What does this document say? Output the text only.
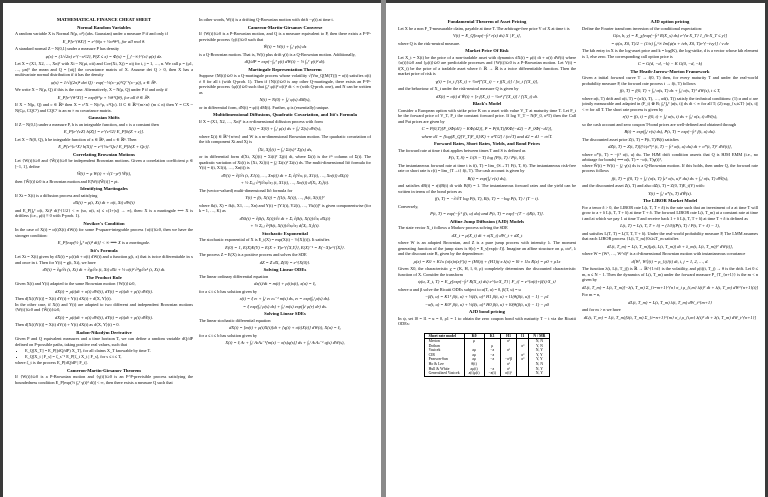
MATHEMATICAL FINANCE CHEAT SHEET
Normal Random Variables

A random variable X is Normal N(μ, σ²) (abs. Gaussian) under a measure P if and only if

E_P[e^{θX}] = e^{θμ + ½σ²θ²}, for all real θ.

A standard normal Z ~ N(0,1) under a measure P has density

φ(x) = (1/√2π) e^{−x²/2}, P(Z ≤ x) = Φ(x) = ∫_{−∞}^{x} φ(z) dz.

Let X = (X1, X2, …, Xn)ᵀ with Xi ~ N(μi, σii) and Cov(Xi, Xj) = σij for i, j = 1, …, n. We call μ = (μ1, …, μn)ᵀ the mean and Q = [σij] the covariance matrix of X. Assume det Q > 0, then X has a multivariate normal distribution if it has the density

φ(x) = 1/√((2π)ⁿ det Q) · exp(−½(x−μ)ᵀQ⁻¹(x−μ)), x ∈ ℝⁿ.

We write X ~ N(μ, Q) if this is the case. Alternatively, X ~ N(μ, Q) under P if and only if

E_P[e^{θᵀX}] = exp(θᵀμ + ½θᵀQθ), for all θ ∈ ℝⁿ.

If X ~ N(μ, Q) and c ∈ ℝⁿ then X = cᵀX ~ N(cᵀμ, cᵀQc). If C ∈ ℝ^{m×n} (m ≤ n) then Y = CX ~ N(Cμ, CQCᵀ) and CQCᵀ is an m × m covariance matrix.

Gaussian Shifts

If Z ~ N(0,1) under a measure P, h is an integrable function, and c is a constant then

E_P[e^{cZ} h(Z)] = e^{c²/2} E_P[h(Z + c)].

Let X ~ N(0, Q), h be integrable function of x ∈ ℝⁿ, and c ∈ ℝⁿ. Then

E_P[e^{cᵀX} h(X)] = e^{½cᵀQc} E_P[h(X + Qc)].
Correlating Brownian Motions

Let {W(t)}t≥0 and {W̃(t)}t≥0 be independent Brownian motions. Given a correlation coefficient ρ ∈ [−1, 1], define

Ŵ(t) = ρ W(t) + √(1−ρ²) W̃(t),

then {Ŵ(t)}t≥0 is a Brownian motion and E[W(t)Ŵ(t)] = ρt.

Identifying Martingales

If Xt = X(t) is a diffusion process and satisfying

dX(t) = μ(t, Xt) dt + σ(t, Xt) dW(t)

and E_P[∫₀ᵀ σ(t, Xt)² dt]^{1/2} < ∞ (so, σ(t, x) ≤ c(1+|x|) → ∞), then: X is a martingale ⟺ X is driftless (i.e., μ(t) ≡ 0 with P-prob. 1).

Novikov's Condition

In the case of X(t) = σ(t)X(t) dW(t) for some P-square-integrable process {σ(t)}t≥0, then we have the stronger condition:

E_P[exp(½ ∫₀ᵀ σ(t)² dt)] < ∞ ⟹ X is a martingale.
Itô's Formula

Let Xt = X(t) given by dX(t) = μ(t)dt + σ(t) dW(t) and a function g(t, x) that is twice differentiable in x and once in t. Then for Y(t) = g(t, Xt), we have

dY(t) = ∂g/∂t (t, Xt) dt + ∂g/∂x (t, Xt) dXt + ½ σ(t)² ∂²g/∂x² (t, Xt) dt.
The Product Rule

Given X(t) and Y(t) adapted to the same Brownian motion {W(t)}t≥0,

dX(t) = μ(t)dt + σ(t) dW(t), dY(t) = ε(t)dt + ρ(t) dW(t).

Then d[X(t)Y(t)] = X(t) dY(t) + Y(t) dX(t) + d⟨X, Y⟩(t).

In the other case, if X(t) and Y(t) are adapted to two different and independent Brownian motions {W(t)}t≥0 and {W̃(t)}t≥0,

dX(t) = μ(t)dt + σ(t) dW(t), dY(t) = ε(t)dt + ρ(t) dW̃(t).

Then d[X(t)Y(t)] = X(t) dY(t) + Y(t) dX(t) as d⟨X, Y⟩(t) = 0.

Radon-Nikodým Derivative

Given P and Q equivalent measures and a time horizon T, we can define a random variable dQ/dP defined on P-possible paths, taking positive real values, such that

• E_Q[X_T] = E_P[(dQ/dP) X_T], for all claims X_T knowable by time T.
• E_Q[X_t | F_s] = ζ_s⁻¹ E_P[ζ_t X_t | F_s], for s ≤ t ≤ T,

where ζ_t is the process E_P[dQ/dP | F_t].

Cameron-Martin-Girsanov Theorem

If {W(t)}t≥0 is a P-Brownian motion and {γ(t)}t≥0 is an F^P-previsible process satisfying the boundedness condition E_P[exp(½ ∫₀ᵀ γ(t)² dt)] < ∞, then there exists a measure Q such that

In other words, W(t) is a drifting Q-Brownian motion with drift −γ(t) at time t.

Cameron-Martin-Girsanov Converse

If {W(t)}t≥0 is a P-Brownian motion, and Q is a measure equivalent to P, then there exists a F^P-previsible process {γ(t)}t≥0 such that

W̃(t) = W(t) + ∫₀ᵗ γ(s) ds

is a Q-Brownian motion. That is, W(t) plus drift γ(t) is a Q-Brownian motion. Additionally,

dQ/dP = exp(−∫₀ᵀ γ(t) dW(t) − ½ ∫₀ᵀ γ(t)² dt).
Martingale Representation Theorem

Suppose {M(t)}t≥0 is a Q-martingale process whose volatility √(Var_Q[M(T)]) = σ(t) satisfies σ(t) ≠ 0 for all t (with Q-prob. 1). Then if {N(t)}t≥0 is any other Q-martingale, there exists an F^P-previsible process {φ(t)}t≥0 such that ∫₀ᵀ φ(t)² σ(t)² dt < ∞ (with Q-prob. one), and N can be written as

N(t) = N(0) + ∫₀ᵗ φ(s) dM(s),

or in differential form, dN(t) = φ(t) dM(t). Further, φ is (essentially) unique.

Multidimensional Diffusions, Quadratic Covariation, and Itô's Formula

If X = (X1, X2, …, Xn)ᵀ is a n-dimensional diffusion process with form

X(t) = X(0) + ∫₀ᵗ μ(s) ds + ∫₀ᵗ Σ(s) dW(s),

where Σ(t) ∈ ℝ^{n×m} and W is a m-dimensional Brownian motion. The quadratic covariation of the ith component Xi and Xj is

⟨Xi, Xj⟩(t) = ∫₀ᵗ Σi(s)ᵀ Σj(s) ds,

or in differential form d⟨Xi, Xj⟩(t) = Σi(t)ᵀ Σj(t) dt, where Σi(t) is the iᵗʰ column of Σ(t). The quadratic variation of Xi(t) is ⟨Xi, Xi⟩(t) = ∫₀ᵗ Σi(s)ᵀ Σi(s) ds. The multi-dimensional Itô formula for Y(t) = f(t, X1(t), …, Xn(t)) is

dY(t) = ∂f/∂t (t, X1(t), …, Xn(t)) dt + Σᵢ ∂f/∂xᵢ (t, X1(t), …, Xn(t)) dXᵢ(t)
+ ½ Σᵢ,ⱼ ∂²f/∂xᵢ∂xⱼ (t, X1(t), …, Xn(t)) d⟨Xᵢ, Xⱼ⟩(t).

The (vector-valued) multi-dimensional Itô formula for

Y(t) = f(t, X(t)) = [f1(t, X(t)), …, fk(t, X(t))]ᵀ

where fk(t, X) = fk(t, X1, …, Xn) and Y(t) = [Y1(t), Y2(t), …, Yk(t)]ᵀ is given componentwise (for k = 1, …, K) as

dYk(t) = ∂fk(t, X(t))/∂t dt + Σᵢ ∂fk(t, X(t))/∂xᵢ dXᵢ(t)
+ ½ Σᵢ,ⱼ ∂²fk(t, X(t))/∂xᵢ∂xⱼ d⟨Xᵢ, Xⱼ⟩(t).
Stochastic Exponential

The stochastic exponential of X is E_t(X) = exp(X(t) − ½⟨X⟩(t)). It satisfies

E(0) = 1, E(X)E(Y) = E(X + Y)e^{⟨X,Y⟩}, E(X)⁻¹ = E(−X)e^{⟨X⟩}.

The process Z = E(X) is a positive process and solves the SDE

dZ = Z dX, Z(0) = e^{X(0)}.
Solving Linear ODEs

The linear ordinary differential equation

dx(t)/dt = m(t) + ρ(t)x(t), x(a) = ξ,

for a ≤ t ≤ b has solution given by

x(t) = ξ eₜ + ∫ₐᵗ eₜ eₛ⁻¹ m(s) ds, eₜ = exp(∫ₐᵗ ρ(s) ds).
= ξ exp(∫ₐᵗ ρ(s) ds) + ∫ₐᵗ m(s) exp(∫ₛᵗ ρ(r) dr) ds.
Solving Linear SDEs

The linear stochastic differential equation

dX(t) = [m(t) + ρ(t)X(t)]dt + [q(t) + σ(t)X(t)] dW(t), X(a) = ξ,

for a ≤ t ≤ b has solution given by

X(t) = ξ Aₜ + ∫ₐᵗ AₜAₛ⁻¹[m(s) − σ(s)q(s)] ds + ∫ₐᵗ AₜAₛ⁻¹ q(s) dW(s),
Fundamental Theorem of Asset Pricing

Let X be a non F_T-measurable claim, payable at time T. The arbitrage-free price V of X at time t is

V(t) = E_Q[exp(−∫ₜᵀ r(s) ds) X | F_t],

where Q is the risk-neutral measure.

Market Price Of Risk

Let X_t = X(t) be the price of a non-tradable asset with dynamics dX(t) = μ(t) dt + σ(t) dW(t) where {σ(t)}t≥0 and {μ(t)}t≥0 are predictable processes and {W(t)}t≥0 is a P-Brownian motion. Let V(t) = f(X_t) be the price of a tradable asset where f: ℝ → ℝ is a twice differentiable function. Then the market price of risk is

γ(t) = [σ_t f′(X_t) + ½σ²f″(X_t) − r f(X_t)] / [σ_t f′(X_t)],

and the behaviour of X_t under the risk-neutral measure Q is given by

dX(t) = σ(t) d W̃(t) + [r f(X_t) − ½σ² f″(X_t)] / f′(X_t) dt.
Black's Model

Consider a European option with strike price K on a asset with value V_T at maturity time T. Let F_t be the forward price of V_T, P_t the constant forward price. If log V_T ~ N(F_0, σ²T) then the Call and Put prices are given by

C = P(0,T)[F_0Φ(d1) − KΦ(d2)], P = P(0,T)[KΦ(−d2) − F_0Φ(−d1)],
where d1 = [log(E_Q[V_T|F_0]/K) + σ²T/2] / (σ√T) and d2 = d1 − σ√T.
Forward Rates, Short Rates, Yields, and Bond Prices

The forward rate at time t that applies between times T and S is defined as

F(t, T, S) = 1/(S − T) log [P(t, T) / P(t, S)].

The instantaneous forward rate at time t is f(t, T) = lim_{S→T} F(t, T, S). The instantaneous risk-free rate or short rate is r(t) = lim_{T→t} f(t, T). The cash account is given by

B(t) = exp(∫₀ᵗ r(s) ds),

and satisfies dB(t) = r(t)B(t) dt with B(0) = 1. The instantaneous forward rates and the yield can be written in terms of the bond prices as

f(t, T) = −∂/∂T log P(t, T), R(t, T) = −log P(t, T) / (T − t).

Conversely,

P(t, T) = exp(−∫ₜᵀ f(t, u) du) and P(t, T) = exp[−(T − t)R(t, T)].
Affine Jump Diffusion (AJD) Models

The state vector X_t follows a Markov process solving the SDE

dX_t = μ(X_t) dt + σ(X_t) dW_t + dZ_t

where W is an adapted Brownian, and Z is a pure jump process with intensity λ. The moment generating function of the jump sizes is θ(c) = E_ν[exp(c·J)]. Imagine an affine structure on μ, σσᵀ, λ and the discount rate R, given by the dependence:

μ(x) = K0 + K1x (σ(x)σ(x)ᵀ)ij = (H0)ij + (H1)ij·x λ(x) = l0 + l1x R(x) = ρ0 + ρ1x

Given X0, the characteristic χ = (K, H, l, θ, ρ) completely determines the discounted characteristic function of X. Consider the transform

ψ(u, X_t, T) = E_χ[exp(−∫ₜᵀ R(X_s) ds) e^{u·X_T} | F_t] = e^{α(t)+β(t)·X_t}

where α and β solve the Ricatti ODEs subject to α(T, u) = 0, β(T, u) = u

−β̇(t, u) = K1ᵀ β(t, u) + ½β(t, u)ᵀ H1 β(t, u) + l1(θ(β(t, u)) − 1) − ρ1
−α̇(t, u) = K0ᵀ β(t, u) + ½β(t, u)ᵀ H0 β(t, u) + l0(θ(β(t, u)) − 1) − ρ0
AJD bond pricing

In ψ, set l0 = l1 = u = 0, ρ1 = 1 to obtain the zero coupon bond with maturity T − t via the Ricatti ODEs:

Short rate model	K0	K1	H1	l1	N / MR
Merton	μ		σ²		N, N
Dothan		μ		σ²	Y, N
Vasicek	aμ	−a	σ²		N, Y
CIR	aμ	−a		σ²	Y, Y
Pearson-Sun	aμ	−a	−σ²β	σ²	Y, Y
Ho & Lee	θ(t)		σ²		N, N
Hull & White	aμ(t)	−a	σ²		N, Y
Generalized Vasicek	a(t)μ(t)	−a(t)	σ(t)²		N, Y
AJD option pricing

Define the Fourier transform inversion of the conditional expectation:

G(a, b, y) = E_χ[exp(−∫ₜᵀ R(X_s) ds) e^{a·X_T} 1_{b·X_T ≤ y}]
= ψ(a, X0, T)/2 − (1/π) ∫₀^∞ Im[ψ(a + ivb, X0, T)e^{−ivy}] / v dv

The kth entry in X is the log-asset price and k = log(K), the log-strike, d is a vector whose kth element is 1, else zero. The corresponding call option price is

C = G(d, −d, −k) − K G(0, −d, −k)
The Heath-Jarrow-Morton Framework

Given a initial forward curve T → f(0, T) then, for every maturity T and under the real-world probability measure P, the forward rate process t → f(t, T) follows

f(t, T) = f(0, T) + ∫₀ᵗ α(s, T) ds + ∫₀ᵗ σ(s, T)ᵀ dW(s), t ≤ T,

where α(t, T) drift and σ(t, T) = (σ1(t, T), …, σd(t, T)) satisfy the technical conditions: (1) α and σ are jointly measurable and adapted in (F_t) ⊗ B; ∫₀ᵀ∫₀ᵀ |α(s, t)| ds dt < ∞ for all T; (2) sup_{s,t≤T} |σ(s, t)| < ∞ for all T. The short rate process is given by

r(t) = f(t, t) = f(0, t) + ∫₀ᵗ α(s, t) ds + ∫₀ᵗ σ(s, t) dW(s),

so the cash account and zero coupon T-bond prices are well-defined and obtained through

B(t) = exp(∫₀ᵗ r(s) ds), P(t, T) = exp(−∫ₜᵀ f(t, u) du).

The discounted asset price Z(t, T) = P(t, T)/B(t) satisfies

dZ(t, T) = Z(t, T)[(½|σ*|² (t, T) − ∫ₜᵀ α(t, u) du) dt + σ*(t, T)ᵀ dW(t)],

where σ*(t, T) = −∫ₜᵀ σ(t, u) du. The HJM drift condition asserts that Q is HJM EMM (i.e., no arbitrage for bonds) ⟺ α(t, T) = −σ(t, T)γ(t)ᵀ,

where W̃(t) = W(t) − ∫₀ᵗ γ(s) ds is a Q-Brownian motion. If this holds, then under Q, the forward rate process follows

f(t, T) = f(0, T) + ∫₀ᵗ (σ(s, T) ∫ₛᵀ σ(s, u)ᵀ du) ds + ∫₀ᵗ σ(s, T) dW̃(s),

and the discounted asset Z(t, T) and also dZ(t, T) = Z(0, T)E_t(Y) with:

Y(t) = ∫₀ᵗ σ*(s, T) dW̃(s).
The LIBOR Market Model

For a tenor δ > 0, the LIBOR rate L(t, T, T + δ) is the rate such that an investment of a at time T will grow to a + δ L(t, T, T + δ) at time T + δ. The forward LIBOR rate L(t, T_m) at a constant rate at time t and at which we pay 1 at time T and receive back 1 + δ L(t, T, T + δ) at time T + δ is defined as

L(t, T) = L(t, T, T + δ) = (1/δ)(P(t, T) / P(t, T + δ) − 1),

and satisfies L(T, T) = L(T, T, T + δ). Under the real-world probability measure P, The LMM assumes that each LIBOR process {L(t, T_m)}0≤t≤T_m satisfies

dL(t, T_m) = L(t, T_m)[μ(t, L(t, T_m)) dt + λ_m(t, L(t, T_m))ᵀ dW(t)],

where W = (W¹, …, W^d)ᵀ is a d-dimensional Brownian motion with instantaneous covariance

d⟨Wⁱ, Wʲ⟩(t) = ρ_{ij}(t) dt, i, j = 1, 2, …, d.

The function λ(t, L(t, T_j)) is ℝ → ℝ^{1×d} is the volatility, and ρ(t)(t, T_j) → θ is the drift. Let 0 ≤ m, n ≤ N − 1. Then the dynamics of L(t, T_m) under the forward measure P_{T_{n+1}} is the m < n given by

dL(t, T_m) = L(t, T_m)[−λ(t, T_m) Σ_{i=m+1}^{n} σ_i ρ_{i,m} λ(t)ᵀ dt + λ(t, T_m) dW^{n+1}(t)]

For m = n,

dL(t, T_m) = L(t, T_m) λ(t, T_m) dW_t^{m+1}

and for m > n we have

dL(t, T_m) = L(t, T_m)[λ(t, T_m) Σ_{i=n+1}^{m} σ_i ρ_{i,m} λ(t)ᵀ dt + λ(t, T_m) dW_t^{n+1}]
